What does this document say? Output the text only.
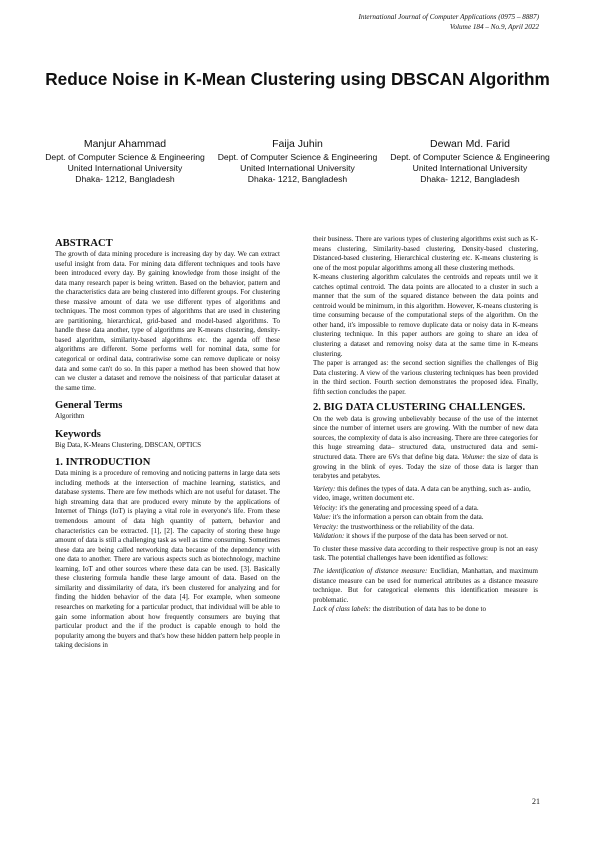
International Journal of Computer Applications (0975 – 8887)
Volume 184 – No.9, April 2022
Reduce Noise in K-Mean Clustering using DBSCAN Algorithm
Manjur Ahammad
Dept. of Computer Science & Engineering
United International University
Dhaka- 1212, Bangladesh
Faija Juhin
Dept. of Computer Science & Engineering
United International University
Dhaka- 1212, Bangladesh
Dewan Md. Farid
Dept. of Computer Science & Engineering
United International University
Dhaka- 1212, Bangladesh
ABSTRACT

The growth of data mining procedure is increasing day by day. We can extract useful insight from data. For mining data different techniques and tools have been introduced every day. By gaining knowledge from those insight of the data many research paper is being written. Based on the behavior, pattern and the characteristics data are being clustered into different groups. For clustering these massive amount of data we use different types of algorithms and techniques. The most common types of algorithms that are used in clustering are partitioning, hierarchical, grid-based and model-based algorithms. To handle these data another, type of algorithms are K-means clustering, density-based algorithm, similarity-based algorithms etc. the agenda off these algorithms are different. Some performs well for nominal data, some for categorical or ordinal data, contrariwise some can remove duplicate or noisy data and some can't do so. In this paper a method has been showed that how can we cluster a dataset and remove the noisiness of that particular dataset at the same time.

General Terms

Algorithm

Keywords

Big Data, K-Means Clustering, DBSCAN, OPTICS

1. INTRODUCTION

Data mining is a procedure of removing and noticing patterns in large data sets including methods at the intersection of machine learning, statistics, and database systems. There are few methods which are not useful for dataset. The high streaming data that are produced every minute by the applications of Internet of Things (IoT) is playing a vital role in everyone's life. From these tremendous amount of data high quantity of pattern, behavior and characteristics can be extracted. [1], [2]. The capacity of storing these huge amount of data is still a challenging task as well as time consuming. Sometimes these data are being called networking data because of the dependency with one data to another. There are various aspects such as biotechnology, machine learning, IoT and other sources where these data can be used. [3]. Basically these clustering formula handle these large amount of data. Based on the similarity and dissimilarity of data, it's been clustered for analyzing and for finding the hidden behavior of the data [4]. For example, when someone researches on marketing for a particular product, that individual will be able to gain some information about how frequently consumers are buying that particular product and the if the product is capable enough to hold the popularity among the buyers and that's how these hidden pattern help people in taking decisions in

their business. There are various types of clustering algorithms exist such as K-means clustering, Similarity-based clustering, Density-based clustering, Distanced-based clustering, Hierarchical clustering etc. K-means clustering is one of the most popular algorithms among all these clustering methods.

K-means clustering algorithm calculates the centroids and repeats until we it catches optimal centroid. The data points are allocated to a cluster in such a manner that the sum of the squared distance between the data points and centroid would be minimum, in this algorithm. However, K-means clustering is time consuming because of the computational steps of the algorithm. On the other hand, it's impossible to remove duplicate data or noisy data in K-means clustering technique. In this paper authors are going to share an idea of clustering a dataset and removing noisy data at the same time in K-means clustering.

The paper is arranged as: the second section signifies the challenges of Big Data clustering. A view of the various clustering techniques has been provided in the third section. Fourth section demonstrates the proposed idea. Finally, fifth section concludes the paper.

2. BIG DATA CLUSTERING CHALLENGES.

On the web data is growing unbelievably because of the use of the internet since the number of internet users are growing. With the number of new data sources, the complexity of data is also increasing. There are three categories for this huge streaming data– structured data, unstructured data and semi-structured data. There are 6Vs that define big data. Volume: the size of data is growing in the blink of eyes. Today the size of those data is larger than terabytes and petabytes.

Variety: this defines the types of data. A data can be anything, such as- audio, video, image, written document etc.
Velocity: it's the generating and processing speed of a data.
Value: it's the information a person can obtain from the data.
Veracity: the trustworthiness or the reliability of the data.
Validation: it shows if the purpose of the data has been served or not.

To cluster these massive data according to their respective group is not an easy task. The potential challenges have been identified as follows:

The identification of distance measure: Euclidian, Manhattan, and maximum distance measure can be used for numerical attributes as a distance measure technique. But for categorical elements this identification measure is problematic.
Lack of class labels: the distribution of data has to be done to

21
